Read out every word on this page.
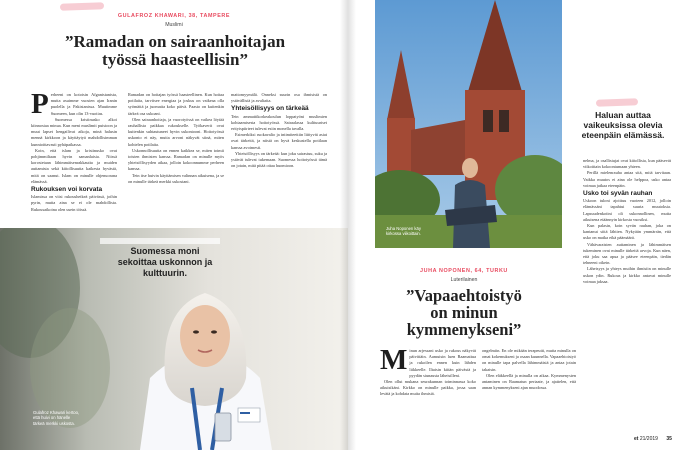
GULAFROZ KHAWARI, 38, TAMPERE
Muslimi
”Ramadan on sairaanhoitajan
työssä haasteellisin”
P erheeni on kotoisin Afganistanista, mutta asuimme vuosien ajan Iranin puolella ja Pakistanissa. Muutimme Suomeen, kun olin 13-vuotias.

Suomessa kristinusko alkoi kiinnostaa minua. Kun meni muslimit puistoon ja muut lapset hengailivat aikoja, minä halusin mennä kirkkoon ja käyttäytyä mahdollisimman kunnioittavasti pyhäpaikassa.

Koin, että islam ja kristinusko ovat pohjimmiltaan hyvin samanlaisia. Niissä korostetaan lähimmäisenrakkautta ja muiden auttamista sekä kiitollisuutta kaikesta hyvästä, mitä on saanut. Islam on minulle ohjenuorana elämässä.

Rukouksen voi korvata

Islamissa on viisi rukoushetkeä päivässä, joihin pyrin, mutta aina se ei ole mahdollista. Rukousaikoina olen usein töissä.

Ramadan on hoitajan työssä haasteellinen. Kun hoitaa potilaita, tarvitsee energiaa ja joskus on vaikeaa olla syömättä ja juomatta koko päivä. Paasto on kuitenkin tärkeä osa uskoani.

Olen sairaanhoitaja, ja vuorotyössä on vaikea löytää rauhallista paikkaa rukoukselle. Työkaverit ovat kuitenkin suhtautuneet hyvin uskontooni. Hoitotyössä uskonto ei näy, mutta arvoni näkyvät siinä, miten kohtelen potilaita.

Uskonnollisuutta on ennen kaikkea se, miten toimii toisten ihmisten kanssa. Ramadan on minulle myös yhteisöllisyyden aikaa, jolloin kokoonnumme perheen kanssa.

Tein itse huivin käyttämisen valinnan aikuisena, ja se on minulle tärkeä merkki uskostani.

mattomyymälä. Onneksi suurin osa ihmisistä on ystävällisiä ja avuliaita.

Yhteisöllisyys on tärkeää

Tein ammattikorkeakoulun loppatyöni muslimien kohtaamisesta hoitotyössä. Sairaalassa kulttuuriset erityispiirteet tulevat esiin monella tavalla.

Esimerkiksi ruokavalio ja intimiteettiin liittyvät asiat ovat tärkeitä, ja niistä on hyvä keskustella potilaan kanssa avoimesti.

Yhteisöllisyys on tärkeää: kun joku sairastuu, suku ja ystävät tulevat tukemaan. Suomessa hoitotyössä tämä on jotain, mitä pitää ottaa huomioon.

Suomessa moni sekoittaa uskonnon ja kulttuurin.
Gulafroz Khawari kertoo, että huivi on hänelle tärkeä merkki uskosta.
Juha Noponen käy kirkossa viikoittain.
Haluan auttaa vaikeuksissa olevia eteenpäin elämässä.

nelma, ja osallistujat ovat kiitollisia, kun pääsevät viikoittain kokoontumaan yhteen.

Perillä mielenrauha antaa sitä, mitä tarvitaan. Vaikka muutos ei aina ole helppoa, usko antaa voimaa jatkaa eteenpäin.

Usko toi syvän rauhan

Uskoon tuloni ajoittuu vuoteen 2012, jolloin elämässäni tapahtui suuria muutoksia. Lapsuudenkotini oli uskonnollinen, mutta aikuisena etäännyin kirkosta vuosiksi.

Kun palasin, koin syvän rauhan, joka on kantanut siitä lähtien. Nykyään ymmärrän, että usko on matka eikä päämäärä.

Vähävaraisten auttaminen ja lähimmäisen tukeminen ovat minulle tärkeitä arvoja. Kun näen, että joku saa apua ja pääsee eteenpäin, tiedän tehneeni oikein.

Läheisyys ja yhteys muihin ihmisiin on minulle uskon ydin. Rukous ja kirkko antavat minulle voimaa jaksaa.

JUHA NOPONEN, 64, TURKU
Luterilainen
”Vapaaehtoistyö
on minun
kymmenykseni”
M inun arjessani usko ja rukous näkyvät päivittäin. Aamuisin luen Raamattua ja rukoilen ennen kuin lähden liikkeelle. Iltaisin kiitän päivästä ja pyydän siunausta läheisilleni.

Olen ollut mukana seurakunnan toiminnassa koko aikuisikäni. Kirkko on minulle paikka, jossa saan levätä ja kohdata muita ihmisiä.

ongelmiin. En ole mikään terapeutti, mutta minulla on omat kokemukseni ja osaan kuunnella. Vapaaehtoistyö on minulle tapa palvella lähimmäisiä ja antaa jotain takaisin.

Olen eläkkeellä ja minulla on aikaa. Kymmenysten antaminen on Raamatun periaate, ja ajattelen, että annan kymmenykseni ajan muodossa.

et 21/2019 35
